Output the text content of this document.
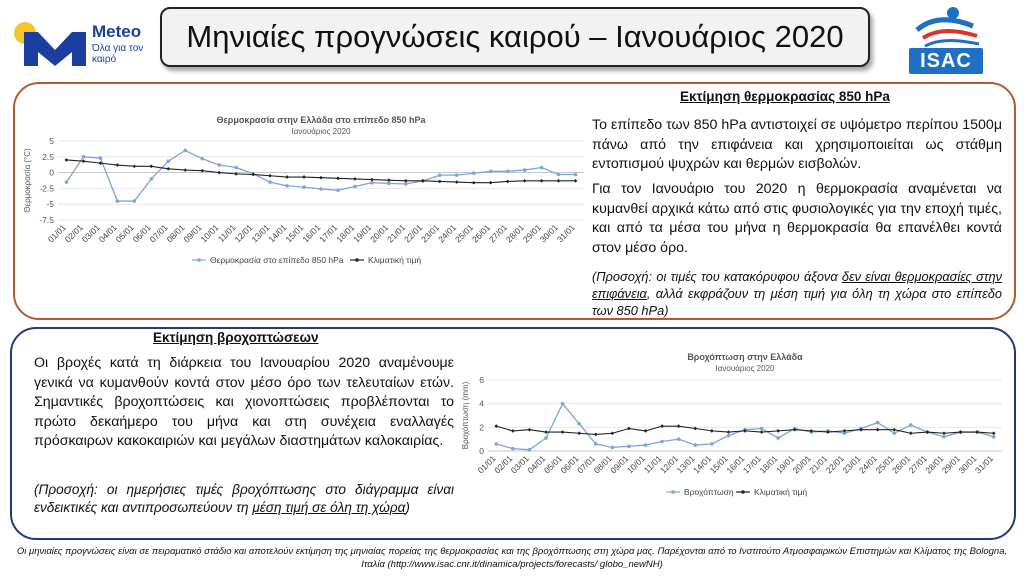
Meteo
Όλα για τον καιρό
Μηνιαίες προγνώσεις καιρού – Ιανουάριος 2020
ISAC
Θερμοκρασία στην Ελλάδα στο επίπεδο 850 hPa
Ιανουάριος 2020
Θερμοκρασία (°C)
5
2.5
0
-2.5
-5
-7.5
01/01
02/01
03/01
04/01
05/01
06/01
07/01
08/01
09/01
10/01
11/01
12/01
13/01
14/01
15/01
16/01
17/01
18/01
19/01
20/01
21/01
22/01
23/01
24/01
25/01
26/01
27/01
28/01
29/01
30/01
31/01
Θερμοκρασία στο επίπεδο 850 hPa	Κλιματική τιμή
Εκτίμηση θερμοκρασίας 850 hPa
Το επίπεδο των 850 hPa αντιστοιχεί σε υψόμετρο περίπου 1500μ πάνω από την επιφάνεια και χρησιμοποιείται ως στάθμη εντοπισμού ψυχρών και θερμών εισβολών.
Για τον Ιανουάριο του 2020 η θερμοκρασία αναμένεται να κυμανθεί αρχικά κάτω από στις φυσιολογικές για την εποχή τιμές, και από τα μέσα του μήνα η θερμοκρασία θα επανέλθει κοντά στον μέσο όρο.
(Προσοχή: οι τιμές του κατακόρυφου άξονα δεν είναι θερμοκρασίες στην επιφάνεια, αλλά εκφράζουν τη μέση τιμή για όλη τη χώρα στο επίπεδο των 850 hPa)
Εκτίμηση βροχοπτώσεων
Οι βροχές κατά τη διάρκεια του Ιανουαρίου 2020 αναμένουμε γενικά να κυμανθούν κοντά στον μέσο όρο των τελευταίων ετών. Σημαντικές βροχοπτώσεις και χιονοπτώσεις προβλέπονται το πρώτο δεκαήμερο του μήνα και στη συνέχεια εναλλαγές πρόσκαιρων κακοκαιριών και μεγάλων διαστημάτων καλοκαιρίας.
(Προσοχή: οι ημερήσιες τιμές βροχόπτωσης στο διάγραμμα είναι ενδεικτικές και αντιπροσωπεύουν τη μέση τιμή σε όλη τη χώρα)
Βροχόπτωση στην Ελλάδα
Ιανουάριος 2020
Βροχόπτωση (mm)
6
4
2
0
01/01
02/01
03/01
04/01
05/01
06/01
07/01
08/01
09/01
10/01
11/01
12/01
13/01
14/01
15/01
16/01
17/01
18/01
19/01
20/01
21/01
22/01
23/01
24/01
25/01
26/01
27/01
28/01
29/01
30/01
31/01
Βροχόπτωση Κλιματική τιμή
Οι μηνιαίες προγνώσεις είναι σε πειραματικό στάδιο και αποτελούν εκτίμηση της μηνιαίας πορείας της θερμοκρασίας και της βροχόπτωσης στη χώρα μας. Παρέχονται από το Ινστιτούτο Ατμοσφαιρικών Επιστημών και Κλίματος της Bologna, Ιταλία (http://www.isac.cnr.it/dinamica/projects/forecasts/ globo_newNH)
